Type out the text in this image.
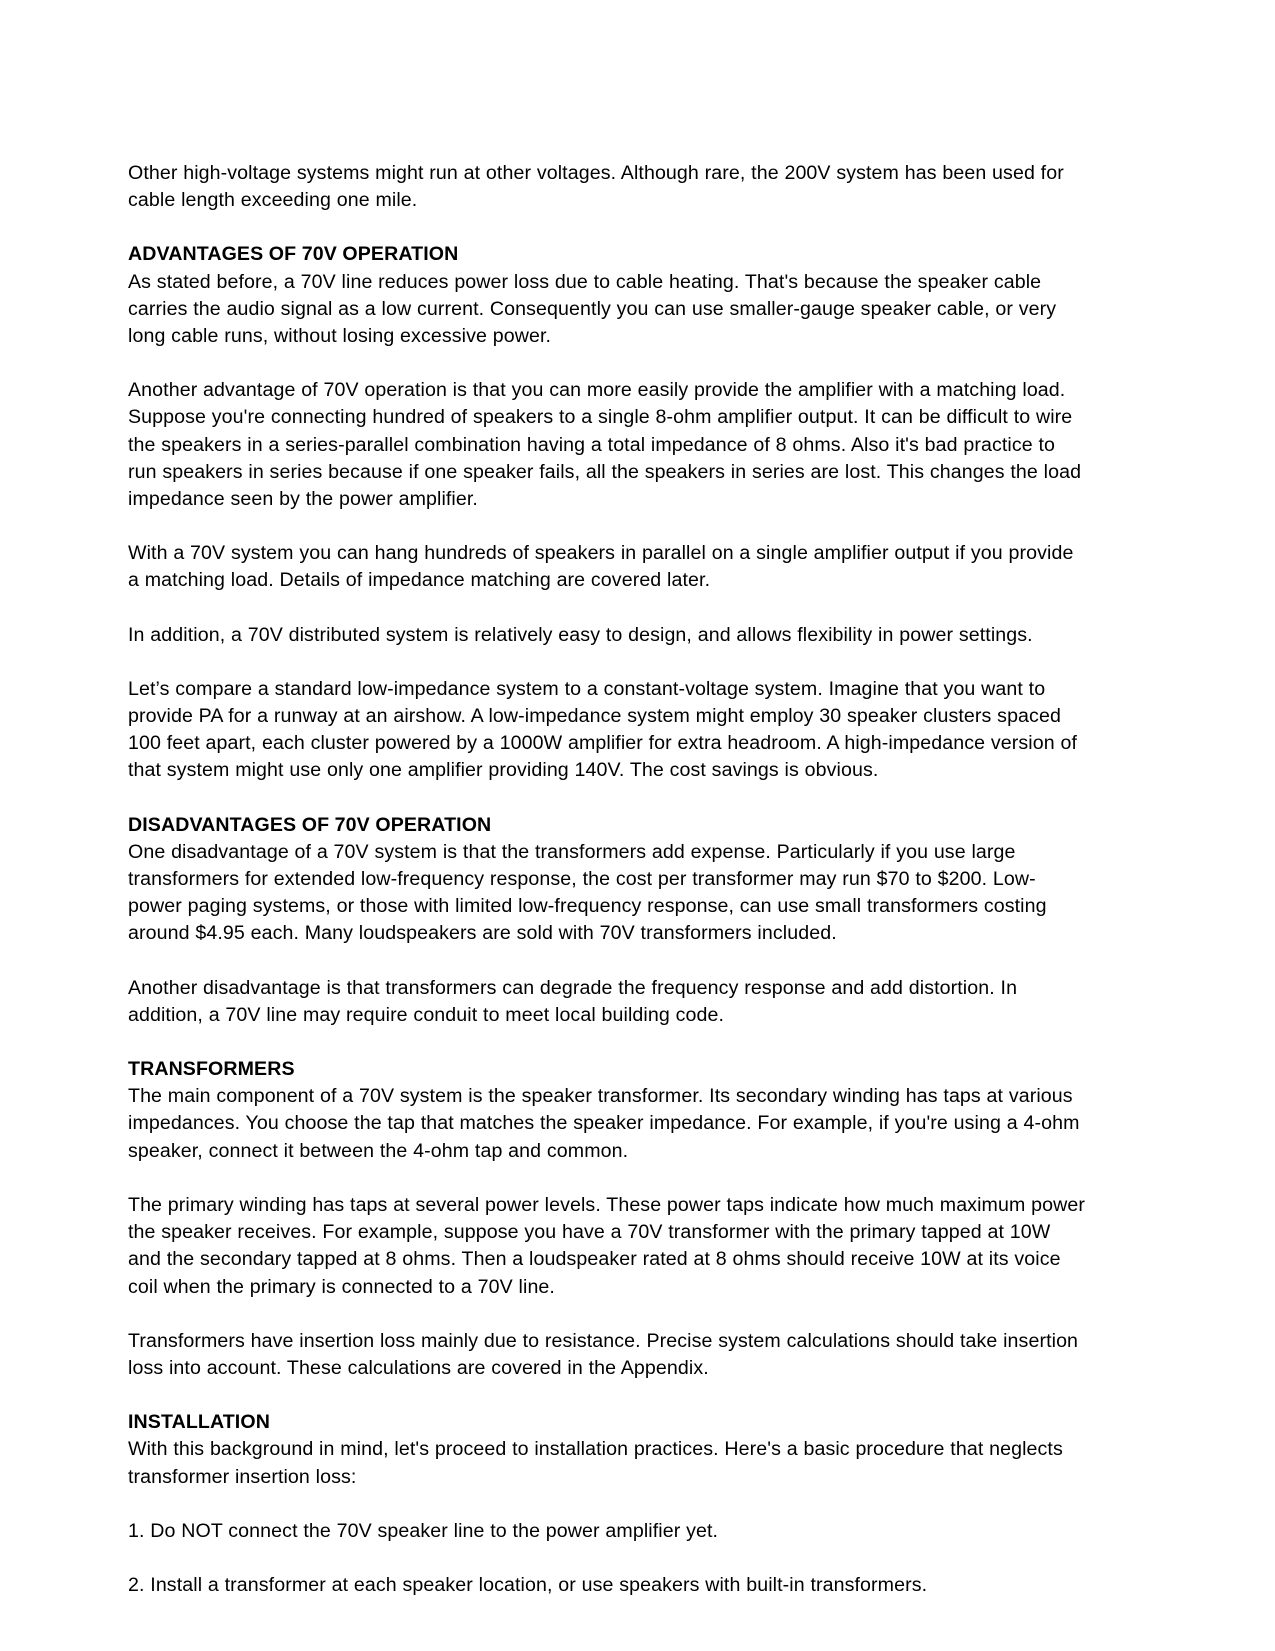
Other high-voltage systems might run at other voltages. Although rare, the 200V system has been used for cable length exceeding one mile.

ADVANTAGES OF 70V OPERATION

As stated before, a 70V line reduces power loss due to cable heating. That's because the speaker cable carries the audio signal as a low current. Consequently you can use smaller-gauge speaker cable, or very long cable runs, without losing excessive power.

Another advantage of 70V operation is that you can more easily provide the amplifier with a matching load. Suppose you're connecting hundred of speakers to a single 8-ohm amplifier output. It can be difficult to wire the speakers in a series-parallel combination having a total impedance of 8 ohms. Also it's bad practice to run speakers in series because if one speaker fails, all the speakers in series are lost. This changes the load impedance seen by the power amplifier.

With a 70V system you can hang hundreds of speakers in parallel on a single amplifier output if you provide a matching load. Details of impedance matching are covered later.

In addition, a 70V distributed system is relatively easy to design, and allows flexibility in power settings.

Let’s compare a standard low-impedance system to a constant-voltage system. Imagine that you want to provide PA for a runway at an airshow. A low-impedance system might employ 30 speaker clusters spaced 100 feet apart, each cluster powered by a 1000W amplifier for extra headroom. A high-impedance version of that system might use only one amplifier providing 140V. The cost savings is obvious.

DISADVANTAGES OF 70V OPERATION

One disadvantage of a 70V system is that the transformers add expense. Particularly if you use large transformers for extended low-frequency response, the cost per transformer may run $70 to $200. Low-power paging systems, or those with limited low-frequency response, can use small transformers costing around $4.95 each. Many loudspeakers are sold with 70V transformers included.

Another disadvantage is that transformers can degrade the frequency response and add distortion. In addition, a 70V line may require conduit to meet local building code.

TRANSFORMERS

The main component of a 70V system is the speaker transformer. Its secondary winding has taps at various impedances. You choose the tap that matches the speaker impedance. For example, if you're using a 4-ohm speaker, connect it between the 4-ohm tap and common.

The primary winding has taps at several power levels. These power taps indicate how much maximum power the speaker receives. For example, suppose you have a 70V transformer with the primary tapped at 10W and the secondary tapped at 8 ohms. Then a loudspeaker rated at 8 ohms should receive 10W at its voice coil when the primary is connected to a 70V line.

Transformers have insertion loss mainly due to resistance. Precise system calculations should take insertion loss into account. These calculations are covered in the Appendix.

INSTALLATION

With this background in mind, let's proceed to installation practices. Here's a basic procedure that neglects transformer insertion loss:

1. Do NOT connect the 70V speaker line to the power amplifier yet.

2. Install a transformer at each speaker location, or use speakers with built-in transformers.
